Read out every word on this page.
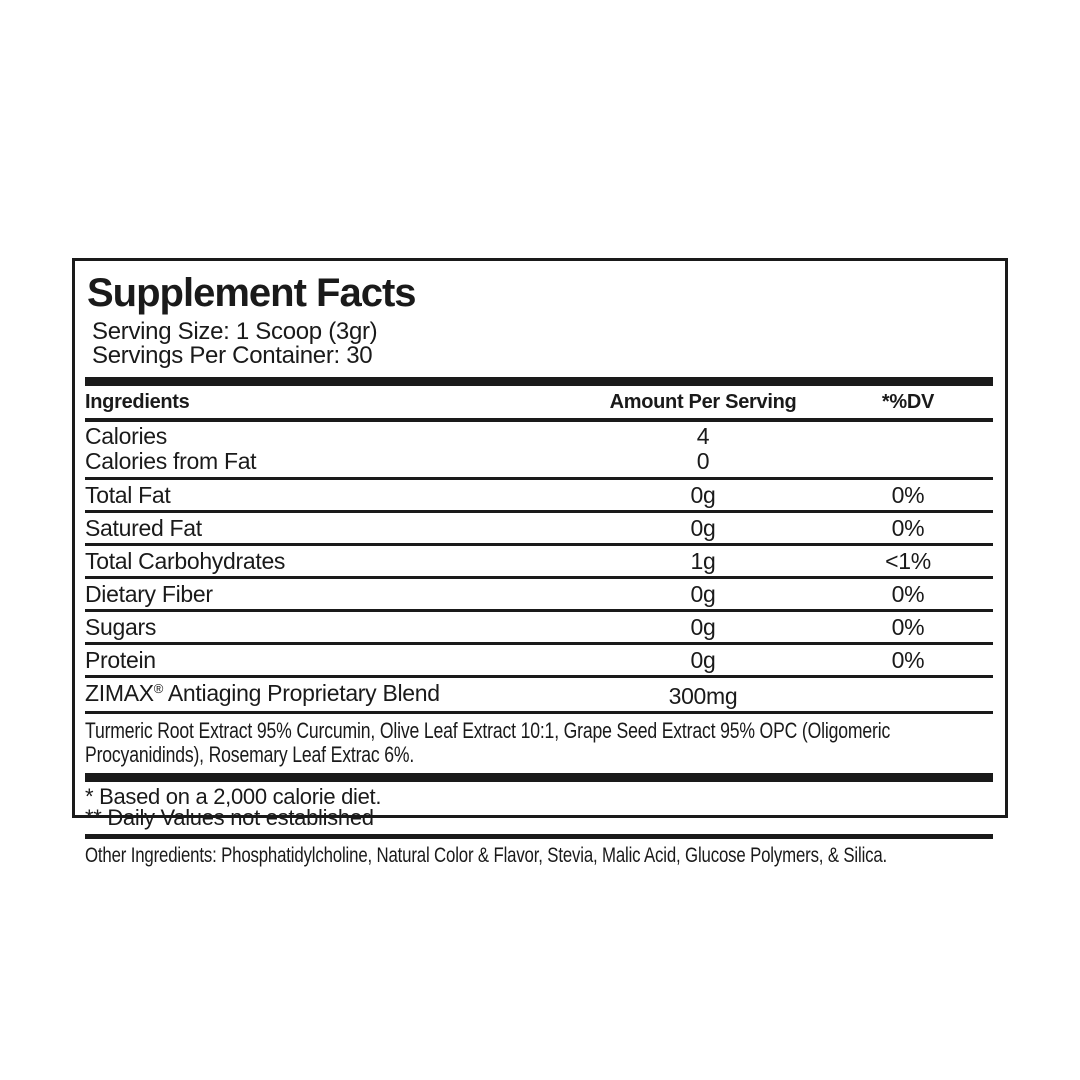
Supplement Facts
Serving Size: 1 Scoop (3gr)
Servings Per Container: 30
Ingredients	Amount Per Serving	*%DV
Calories	4
Calories from Fat	0
Total Fat	0g	0%
Satured Fat	0g	0%
Total Carbohydrates	1g	<1%
Dietary Fiber	0g	0%
Sugars	0g	0%
Protein	0g	0%
ZIMAX® Antiaging Proprietary Blend	300mg
Turmeric Root Extract 95% Curcumin, Olive Leaf Extract 10:1, Grape Seed Extract 95% OPC (Oligomeric Procyanidinds), Rosemary Leaf Extrac 6%.
* Based on a 2,000 calorie diet.
** Daily Values not established
Other Ingredients: Phosphatidylcholine, Natural Color & Flavor, Stevia, Malic Acid, Glucose Polymers, & Silica.
